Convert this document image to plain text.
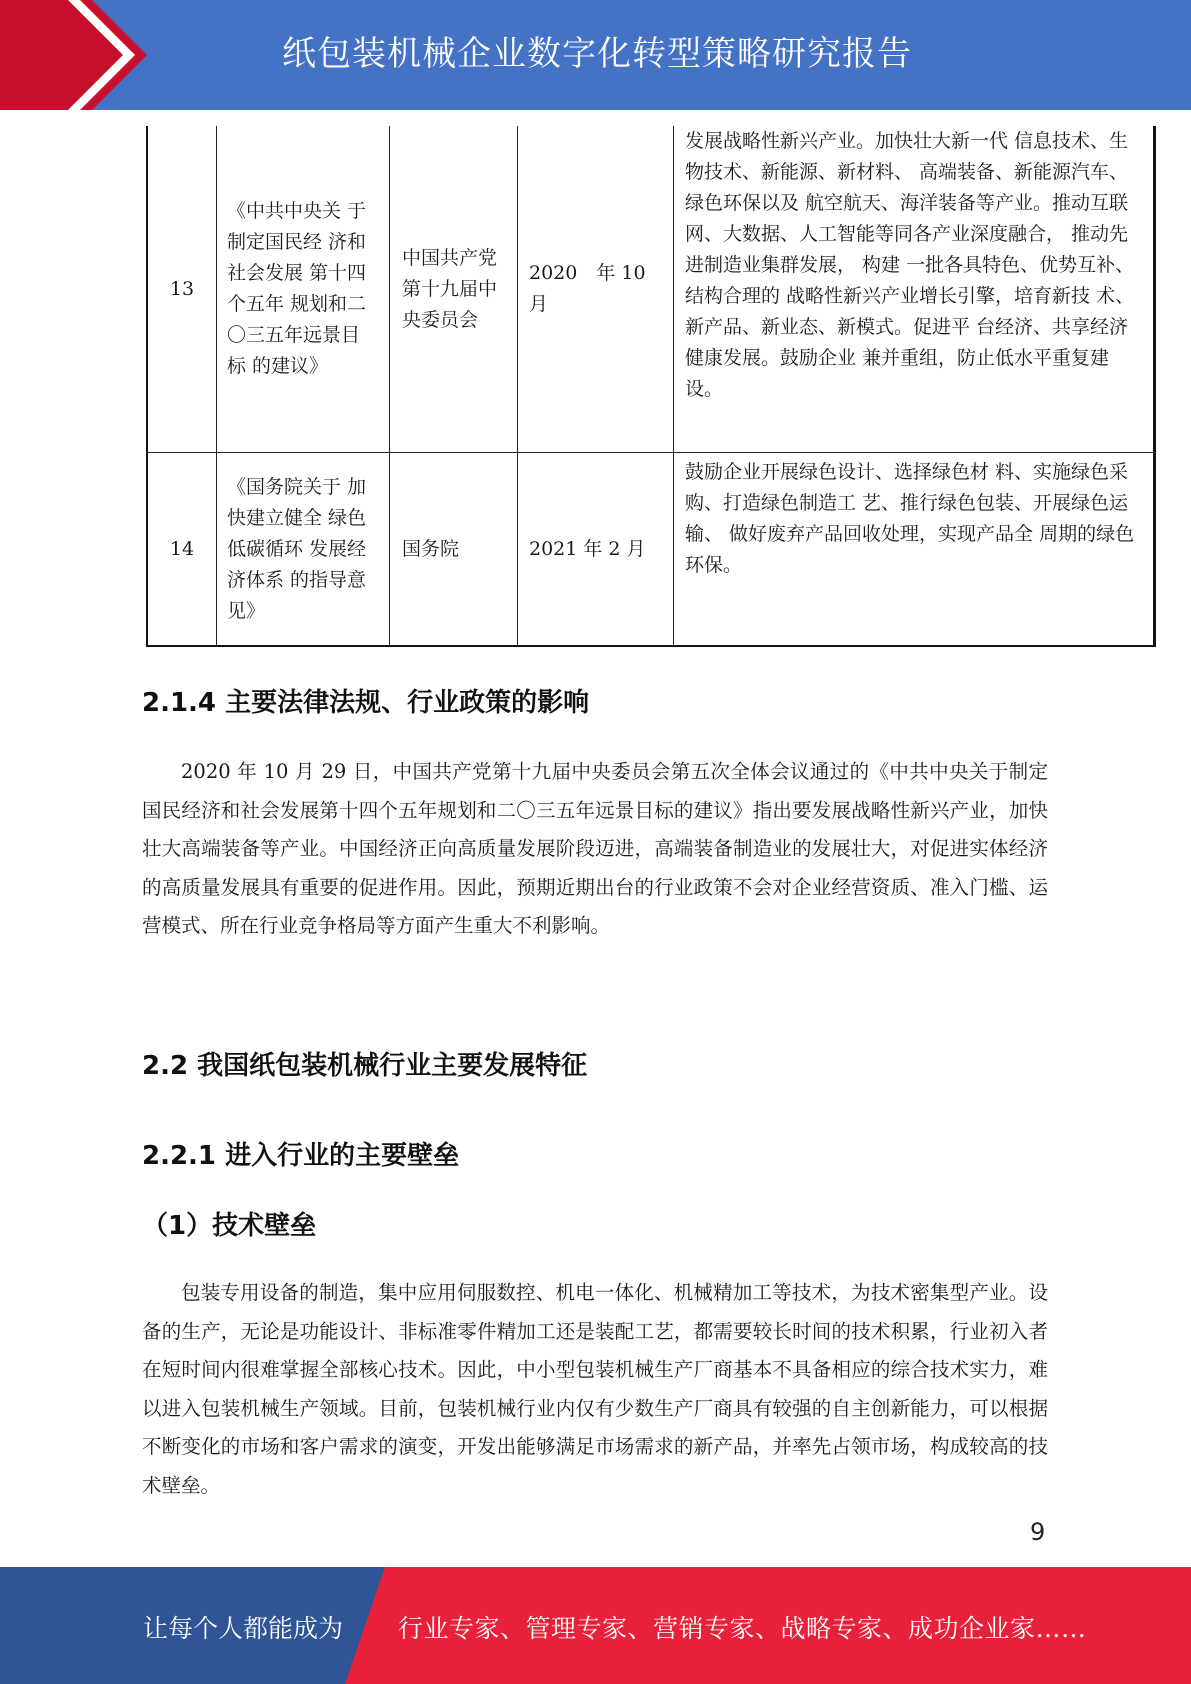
纸包装机械企业数字化转型策略研究报告
13	《中共中央关 于制定国民经 济和社会发展 第十四个五年 规划和二〇三五年远景目标 的建议》	中国共产党第十九届中央委员会	2020　年 10 月	发展战略性新兴产业。加快壮大新一代 信息技术、生物技术、新能源、新材料、 高端装备、新能源汽车、绿色环保以及 航空航天、海洋装备等产业。推动互联 网、大数据、人工智能等同各产业深度融合， 推动先进制造业集群发展， 构建 一批各具特色、优势互补、结构合理的 战略性新兴产业增长引擎，培育新技 术、新产品、新业态、新模式。促进平 台经济、共享经济健康发展。鼓励企业 兼并重组，防止低水平重复建设。
14	《国务院关于 加快建立健全 绿色低碳循环 发展经济体系 的指导意见》	国务院	2021 年 2 月	鼓励企业开展绿色设计、选择绿色材 料、实施绿色采购、打造绿色制造工 艺、推行绿色包装、开展绿色运输、 做好废弃产品回收处理，实现产品全 周期的绿色环保。
2.1.4 主要法律法规、行业政策的影响

2020 年 10 月 29 日，中国共产党第十九届中央委员会第五次全体会议通过的《中共中央关于制定国民经济和社会发展第十四个五年规划和二〇三五年远景目标的建议》指出要发展战略性新兴产业，加快壮大高端装备等产业。中国经济正向高质量发展阶段迈进，高端装备制造业的发展壮大，对促进实体经济的高质量发展具有重要的促进作用。因此，预期近期出台的行业政策不会对企业经营资质、准入门槛、运营模式、所在行业竞争格局等方面产生重大不利影响。

2.2 我国纸包装机械行业主要发展特征
2.2.1 进入行业的主要壁垒
（1）技术壁垒

包装专用设备的制造，集中应用伺服数控、机电一体化、机械精加工等技术，为技术密集型产业。设备的生产，无论是功能设计、非标准零件精加工还是装配工艺，都需要较长时间的技术积累，行业初入者在短时间内很难掌握全部核心技术。因此，中小型包装机械生产厂商基本不具备相应的综合技术实力，难以进入包装机械生产领域。目前，包装机械行业内仅有少数生产厂商具有较强的自主创新能力，可以根据不断变化的市场和客户需求的演变，开发出能够满足市场需求的新产品，并率先占领市场，构成较高的技术壁垒。

9
让每个人都能成为 行业专家、管理专家、营销专家、战略专家、成功企业家……
